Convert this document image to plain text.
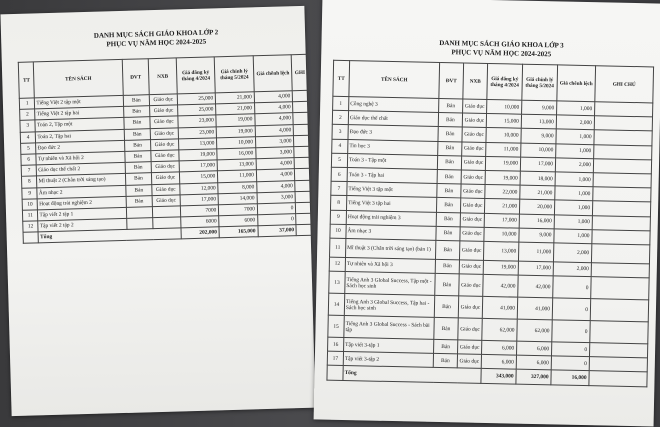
DANH MỤC SÁCH GIÁO KHOA LỚP 2
PHỤC VỤ NĂM HỌC 2024-2025
TT	TÊN SÁCH	ĐVT	NXB	Giá đăng ký tháng 4/2024	Giá chính lý tháng 5/2024	Giá chênh lệch	GHI
1	Tiếng Việt 2 tập một	Bản	Giáo dục	25,000	21,000	4,000	
2	Tiếng Việt 2 tập hai	Bản	Giáo dục	25,000	21,000	4,000	
3	Toán 2, Tập một	Bản	Giáo dục	23,000	19,000	4,000	
4	Toán 2, Tập hai	Bản	Giáo dục	23,000	19,000	4,000	
5	Đạo đức 2	Bản	Giáo dục	13,000	10,000	3,000	
6	Tự nhiên và Xã hội 2	Bản	Giáo dục	19,000	16,000	3,000	
7	Giáo dục thể chất 2	Bản	Giáo dục	17,000	13,000	4,000	
8	Mĩ thuật 2 (Chân trời sáng tạo)	Bản	Giáo dục	15,000	11,000	4,000	
9	Âm nhạc 2	Bản	Giáo dục	12,000	8,000	4,000	
10	Hoạt động trải nghiệm 2	Bản	Giáo dục	17,000	14,000	3,000	
11	Tập viết 2 tập 1			7000	7000	0	
12	Tập viết 2 tập 2			6000	6000	0	
	Tổng			202,000	165,000	37,000	
DANH MỤC SÁCH GIÁO KHOA LỚP 3
PHỤC VỤ NĂM HỌC 2024-2025
TT	TÊN SÁCH	ĐVT	NXB	Giá đăng ký tháng 4/2024	Giá chính lý tháng 5/2024	Giá chênh lệch	GHI CHÚ
1	Công nghệ 3	Bản	Giáo dục	10,000	9,000	1,000	
2	Giáo dục thể chất	Bản	Giáo dục	15,000	13,000	2,000	
3	Đạo đức 3	Bản	Giáo dục	10,000	9,000	1,000	
4	Tin học 3	Bản	Giáo dục	11,000	10,000	1,000	
5	Toán 3 - Tập một	Bản	Giáo dục	19,000	17,000	2,000	
6	Toán 3 - Tập hai	Bản	Giáo dục	19,000	18,000	1,000	
7	Tiếng Việt 3 tập một	Bản	Giáo dục	22,000	21,000	1,000	
8	Tiếng Việt 3 tập hai	Bản	Giáo dục	21,000	20,000	1,000	
9	Hoạt động trải nghiệm 3	Bản	Giáo dục	17,000	16,000	1,000	
10	Âm nhạc 3	Bản	Giáo dục	10,000	9,000	1,000	
11	Mĩ thuật 3 (Chân trời sáng tạo) (bản 1)	Bản	Giáo dục	13,000	11,000	2,000	
12	Tự nhiên và Xã hội 3	Bản	Giáo dục	19,000	17,000	2,000	
13	Tiếng Anh 3 Global Success, Tập một - Sách học sinh	Bản	Giáo dục	42,000	42,000	0	
14	Tiếng Anh 3 Global Success, Tập hai - Sách học sinh	Bản	Giáo dục	41,000	41,000	0	
15	Tiếng Anh 3 Global Success - Sách bài tập	Bản	Giáo dục	62,000	62,000	0	
16	Tập viết 3-tập 1	Bản	Giáo dục	6,000	6,000	0	
17	Tập viết 3-tập 2	Bản	Giáo dục	6,000	6,000	0	
	Tổng			343,000	327,000	16,000	
